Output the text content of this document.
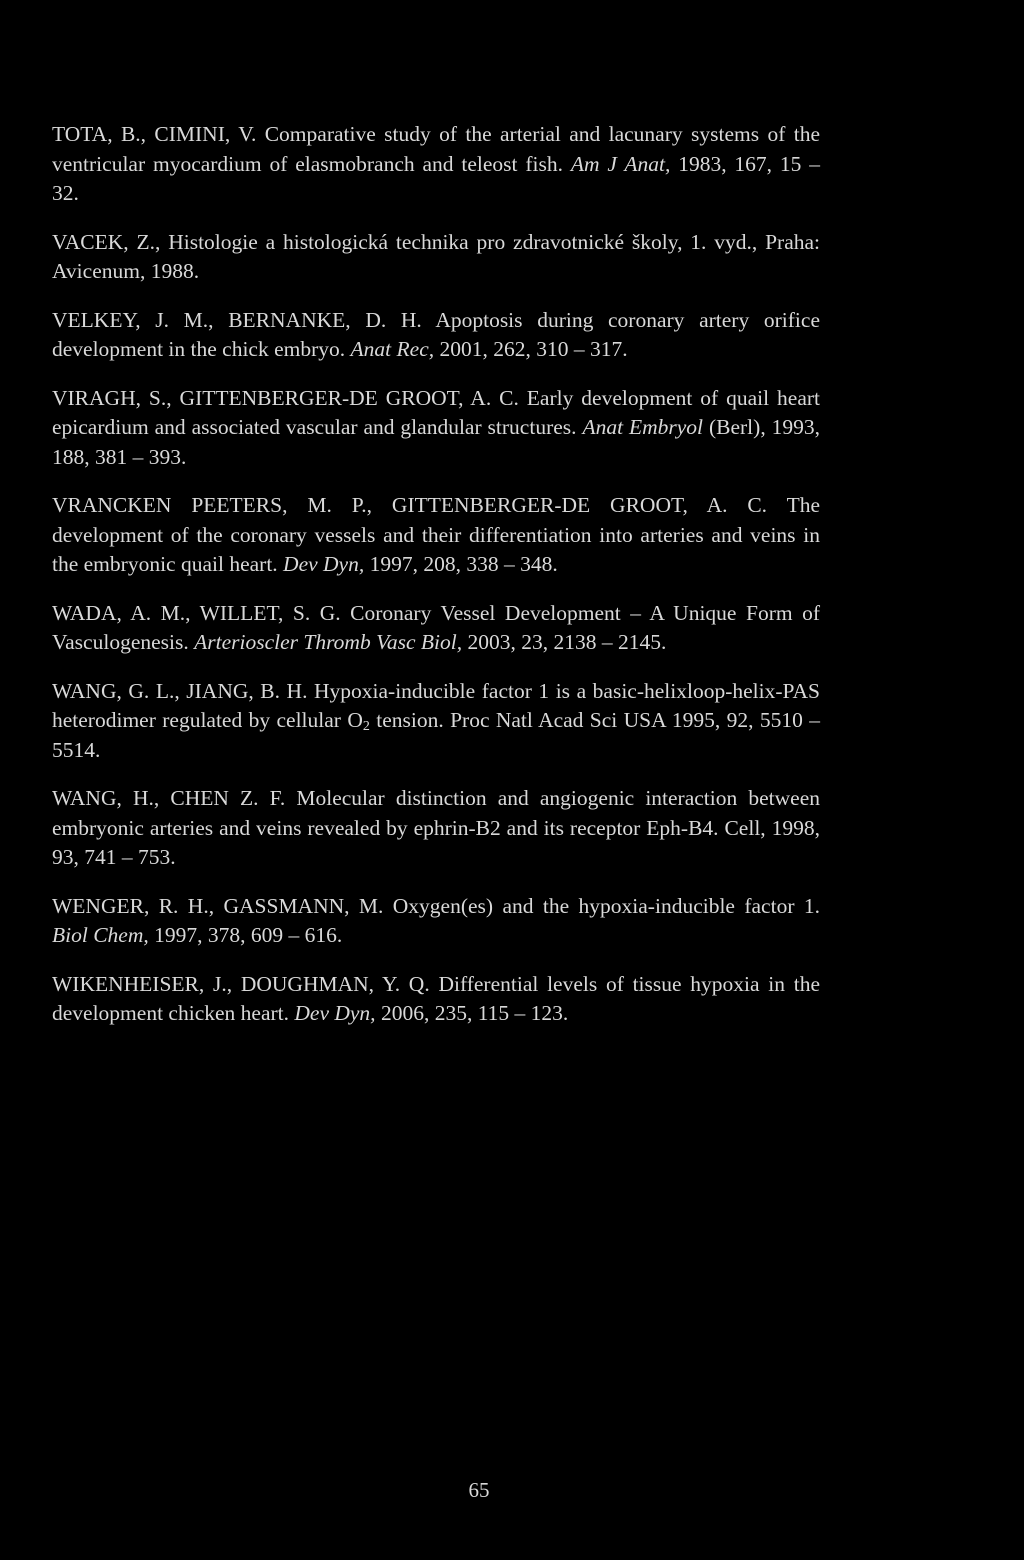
TOTA, B., CIMINI, V. Comparative study of the arterial and lacunary systems of the ventricular myocardium of elasmobranch and teleost fish. Am J Anat, 1983, 167, 15 – 32.

VACEK, Z., Histologie a histologická technika pro zdravotnické školy, 1. vyd., Praha: Avicenum, 1988.

VELKEY, J. M., BERNANKE, D. H. Apoptosis during coronary artery orifice development in the chick embryo. Anat Rec, 2001, 262, 310 – 317.

VIRAGH, S., GITTENBERGER-DE GROOT, A. C. Early development of quail heart epicardium and associated vascular and glandular structures. Anat Embryol (Berl), 1993, 188, 381 – 393.

VRANCKEN PEETERS, M. P., GITTENBERGER-DE GROOT, A. C. The development of the coronary vessels and their differentiation into arteries and veins in the embryonic quail heart. Dev Dyn, 1997, 208, 338 – 348.

WADA, A. M., WILLET, S. G. Coronary Vessel Development – A Unique Form of Vasculogenesis. Arterioscler Thromb Vasc Biol, 2003, 23, 2138 – 2145.

WANG, G. L., JIANG, B. H. Hypoxia-inducible factor 1 is a basic-helixloop-helix-PAS heterodimer regulated by cellular $O_2$ tension. Proc Natl Acad Sci USA 1995, 92, 5510 – 5514.

WANG, H., CHEN Z. F. Molecular distinction and angiogenic interaction between embryonic arteries and veins revealed by ephrin-B2 and its receptor Eph-B4. Cell, 1998, 93, 741 – 753.

WENGER, R. H., GASSMANN, M. Oxygen(es) and the hypoxia-inducible factor 1. Biol Chem, 1997, 378, 609 – 616.

WIKENHEISER, J., DOUGHMAN, Y. Q. Differential levels of tissue hypoxia in the development chicken heart. Dev Dyn, 2006, 235, 115 – 123.

65
